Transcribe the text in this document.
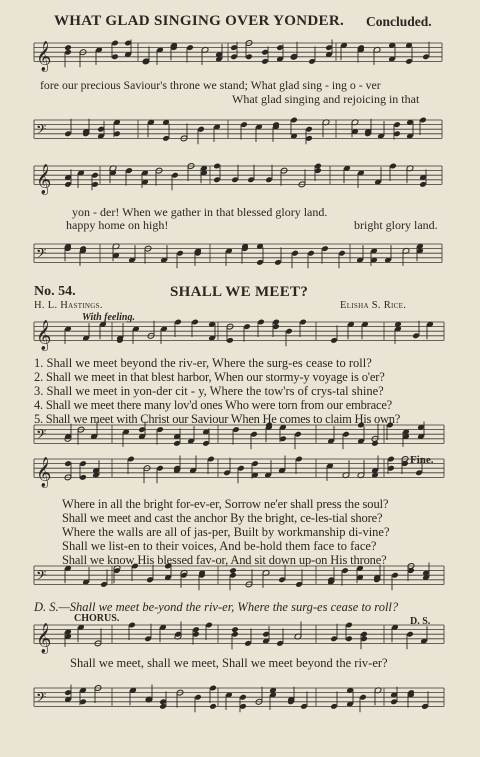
𝄞
𝄢
𝄞
𝄢
𝄞
𝄢
𝄞
𝄢
𝄞
𝄢
WHAT GLAD SINGING OVER YONDER. Concluded.
fore our precious Saviour's throne we stand; What glad sing - ing o - ver
What glad singing and rejoicing in that
yon - der! When we gather in that blessed glory land.
happy home on high!	bright glory land.
No. 54.	SHALL WE MEET?
H. L. Hastings.	Elisha S. Rice.
With feeling.
1. Shall we meet beyond the riv-er, Where the surg-es cease to roll?
2. Shall we meet in that blest harbor, When our stormy-y voyage is o'er?
3. Shall we meet in yon-der cit - y, Where the tow'rs of crys-tal shine?
4. Shall we meet there many lov'd ones Who were torn from our embrace?
5. Shall we meet with Christ our Saviour When He comes to claim His own?
Fine.
Where in all the bright for-ev-er, Sorrow ne'er shall press the soul?
Shall we meet and cast the anchor By the bright, ce-les-tial shore?
Where the walls are all of jas-per, Built by workmanship di-vine?
Shall we list-en to their voices, And be-hold them face to face?
Shall we know His blessed fav-or, And sit down up-on His throne?
D. S.—Shall we meet be-yond the riv-er, Where the surg-es cease to roll?
CHORUS.	D. S.
Shall we meet, shall we meet, Shall we meet beyond the riv-er?
